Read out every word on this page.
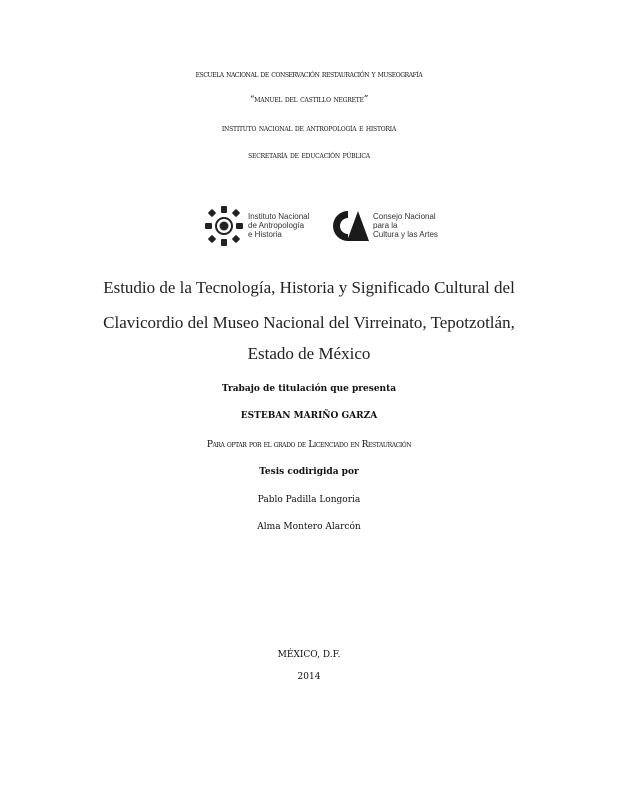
escuela nacional de conservación restauración y museografía
“manuel del castillo negrete”
instituto nacional de antropología e historia
secretaría de educación pública
Instituto Nacional
de Antropología
e Historia
Consejo Nacional
para la
Cultura y las Artes
Estudio de la Tecnología, Historia y Significado Cultural del
Clavicordio del Museo Nacional del Virreinato, Tepotzotlán,
Estado de México
Trabajo de titulación que presenta
ESTEBAN MARIÑO GARZA
Para optar por el grado de Licenciado en Restauración
Tesis codirigida por
Pablo Padilla Longoria
Alma Montero Alarcón
MÉXICO, D.F.
2014
